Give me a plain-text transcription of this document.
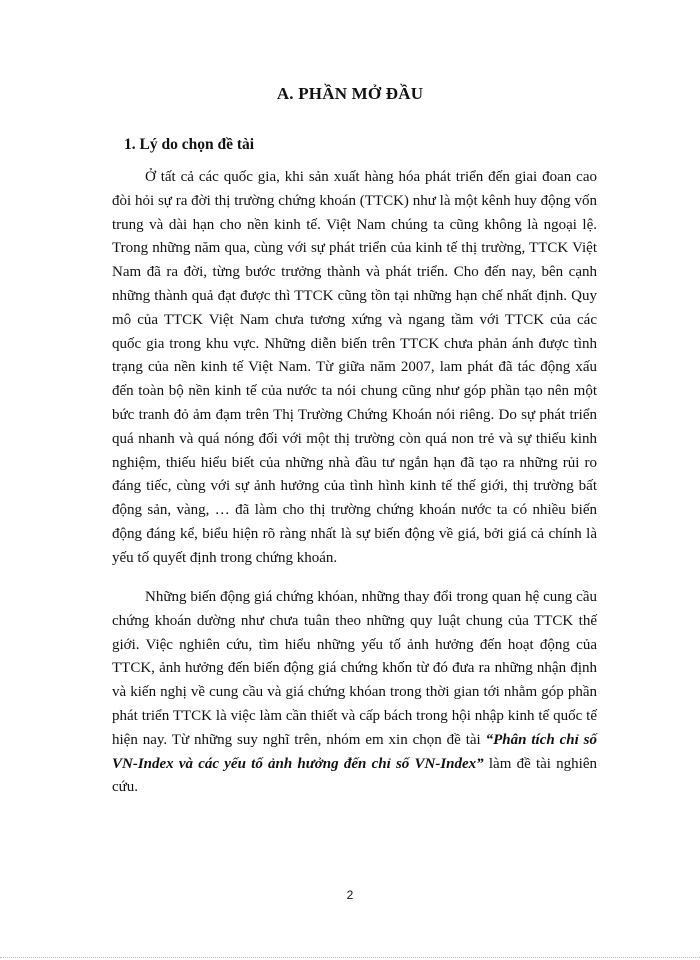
A. PHẦN MỞ ĐẦU
1. Lý do chọn đề tài

Ở tất cả các quốc gia, khi sản xuất hàng hóa phát triển đến giai đoan cao đòi hỏi sự ra đời thị trường chứng khoán (TTCK) như là một kênh huy động vốn trung và dài hạn cho nền kinh tế. Việt Nam chúng ta cũng không là ngoại lệ. Trong những năm qua, cùng với sự phát triển của kinh tế thị trường, TTCK Việt Nam đã ra đời, từng bước trưởng thành và phát triển. Cho đến nay, bên cạnh những thành quả đạt được thì TTCK cũng tồn tại những hạn chế nhất định. Quy mô của TTCK Việt Nam chưa tương xứng và ngang tầm với TTCK của các quốc gia trong khu vực. Những diễn biến trên TTCK chưa phản ánh được tình trạng của nền kinh tế Việt Nam. Từ giữa năm 2007, lam phát đã tác động xấu đến toàn bộ nền kinh tế của nước ta nói chung cũng như góp phần tạo nên một bức tranh đỏ ảm đạm trên Thị Trường Chứng Khoán nói riêng. Do sự phát triển quá nhanh và quá nóng đối với một thị trường còn quá non trẻ và sự thiếu kinh nghiệm, thiếu hiểu biết của những nhà đầu tư ngắn hạn đã tạo ra những rủi ro đáng tiếc, cùng với sự ảnh hưởng của tình hình kinh tế thế giới, thị trường bất động sản, vàng, … đã làm cho thị trường chứng khoán nước ta có nhiều biến động đáng kể, biểu hiện rõ ràng nhất là sự biến động về giá, bởi giá cả chính là yếu tố quyết định trong chứng khoán.

Những biến động giá chứng khóan, những thay đổi trong quan hệ cung cầu chứng khoán dường như chưa tuân theo những quy luật chung của TTCK thế giới. Việc nghiên cứu, tìm hiểu những yếu tố ảnh hưởng đến hoạt động của TTCK, ảnh hưởng đến biến động giá chứng khốn từ đó đưa ra những nhận định và kiến nghị về cung cầu và giá chứng khóan trong thời gian tới nhằm góp phần phát triển TTCK là việc làm cần thiết và cấp bách trong hội nhập kinh tế quốc tế hiện nay. Từ những suy nghĩ trên, nhóm em xin chọn đề tài “Phân tích chỉ số VN-Index và các yếu tố ảnh hưởng đến chỉ số VN-Index” làm đề tài nghiên cứu.

2
